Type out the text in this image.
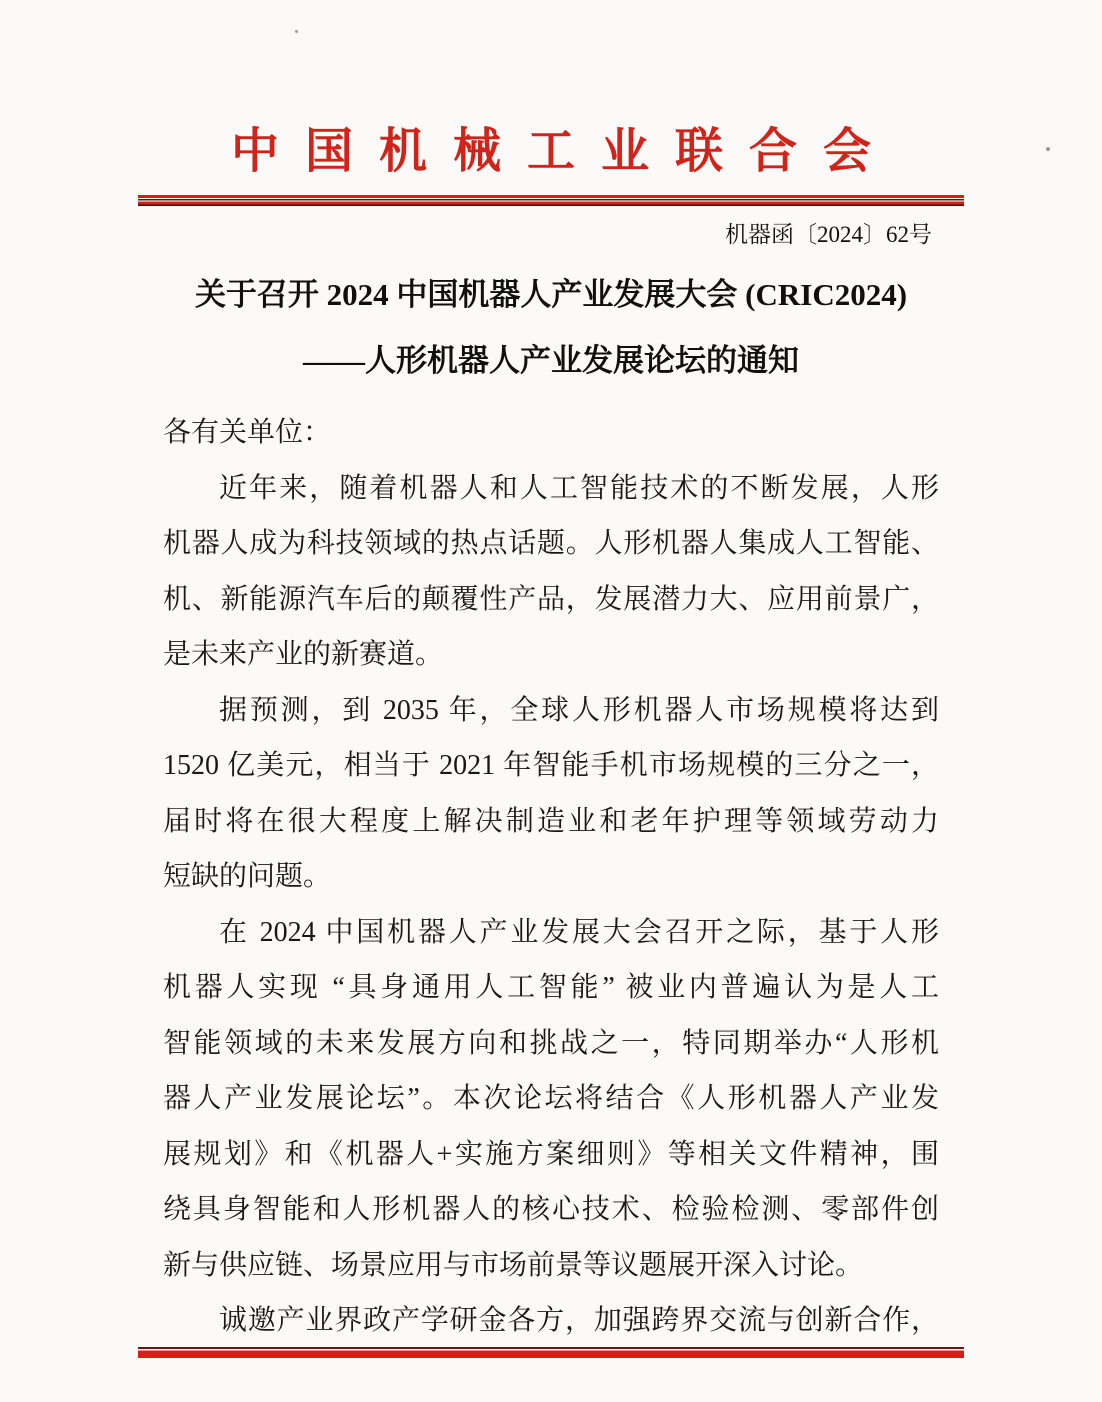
中国机械工业联合会
机器函〔2024〕62号
关于召开 2024 中国机器人产业发展大会 (CRIC2024)
——人形机器人产业发展论坛的通知
各有关单位：
近年来，随着机器人和人工智能技术的不断发展，人形
机器人成为科技领域的热点话题。人形机器人集成人工智能、
机、新能源汽车后的颠覆性产品，发展潜力大、应用前景广，
是未来产业的新赛道。
据预测，到 2035 年，全球人形机器人市场规模将达到
1520 亿美元，相当于 2021 年智能手机市场规模的三分之一，
届时将在很大程度上解决制造业和老年护理等领域劳动力
短缺的问题。
在 2024 中国机器人产业发展大会召开之际，基于人形
机器人实现 “具身通用人工智能” 被业内普遍认为是人工
智能领域的未来发展方向和挑战之一，特同期举办“人形机
器人产业发展论坛”。本次论坛将结合《人形机器人产业发
展规划》和《机器人+实施方案细则》等相关文件精神，围
绕具身智能和人形机器人的核心技术、检验检测、零部件创
新与供应链、场景应用与市场前景等议题展开深入讨论。
诚邀产业界政产学研金各方，加强跨界交流与创新合作，
